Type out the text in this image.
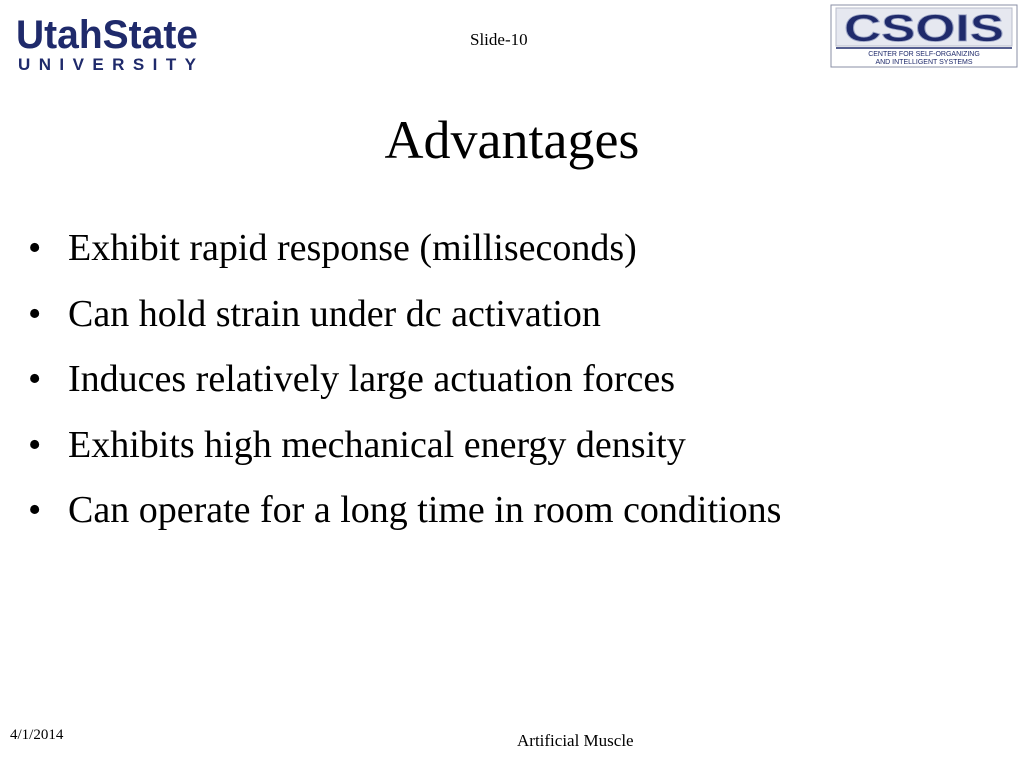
UtahState
UNIVERSITY
Slide-10	CSOIS
CENTER FOR SELF-ORGANIZING
AND INTELLIGENT SYSTEMS
Advantages
• Exhibit rapid response (milliseconds)
• Can hold strain under dc activation
• Induces relatively large actuation forces
• Exhibits high mechanical energy density
• Can operate for a long time in room conditions
4/1/2014	Artificial Muscle
